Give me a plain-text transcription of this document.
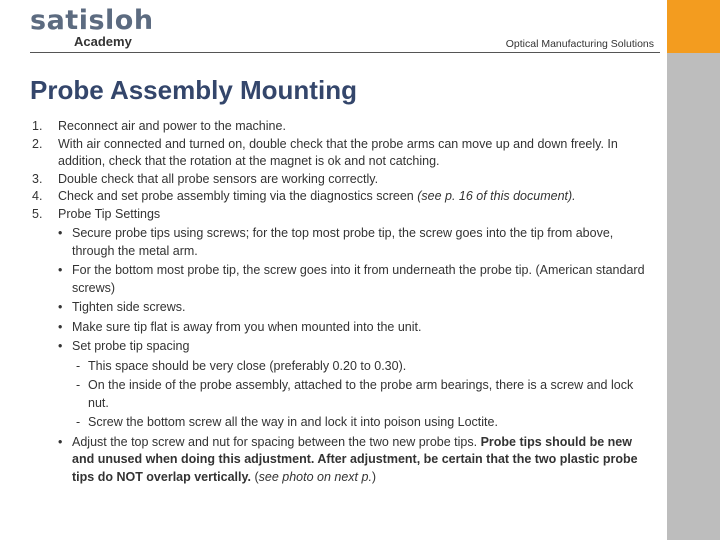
satisloh
Academy	Optical Manufacturing Solutions
Probe Assembly Mounting
1.	Reconnect air and power to the machine.
2.	With air connected and turned on, double check that the probe arms can move up and down freely. In addition, check that the rotation at the magnet is ok and not catching.
3.	Double check that all probe sensors are working correctly.
4.	Check and set probe assembly timing via the diagnostics screen (see p. 16 of this document).
5.	Probe Tip Settings
• Secure probe tips using screws; for the top most probe tip, the screw goes into the tip from above, through the metal arm.
• For the bottom most probe tip, the screw goes into it from underneath the probe tip. (American standard screws)
• Tighten side screws.
• Make sure tip flat is away from you when mounted into the unit.
• Set probe tip spacing
- This space should be very close (preferably 0.20 to 0.30).
- On the inside of the probe assembly, attached to the probe arm bearings, there is a screw and lock nut.
- Screw the bottom screw all the way in and lock it into poison using Loctite.
• Adjust the top screw and nut for spacing between the two new probe tips. Probe tips should be new and unused when doing this adjustment. After adjustment, be certain that the two plastic probe tips do NOT overlap vertically. (see photo on next p.)
